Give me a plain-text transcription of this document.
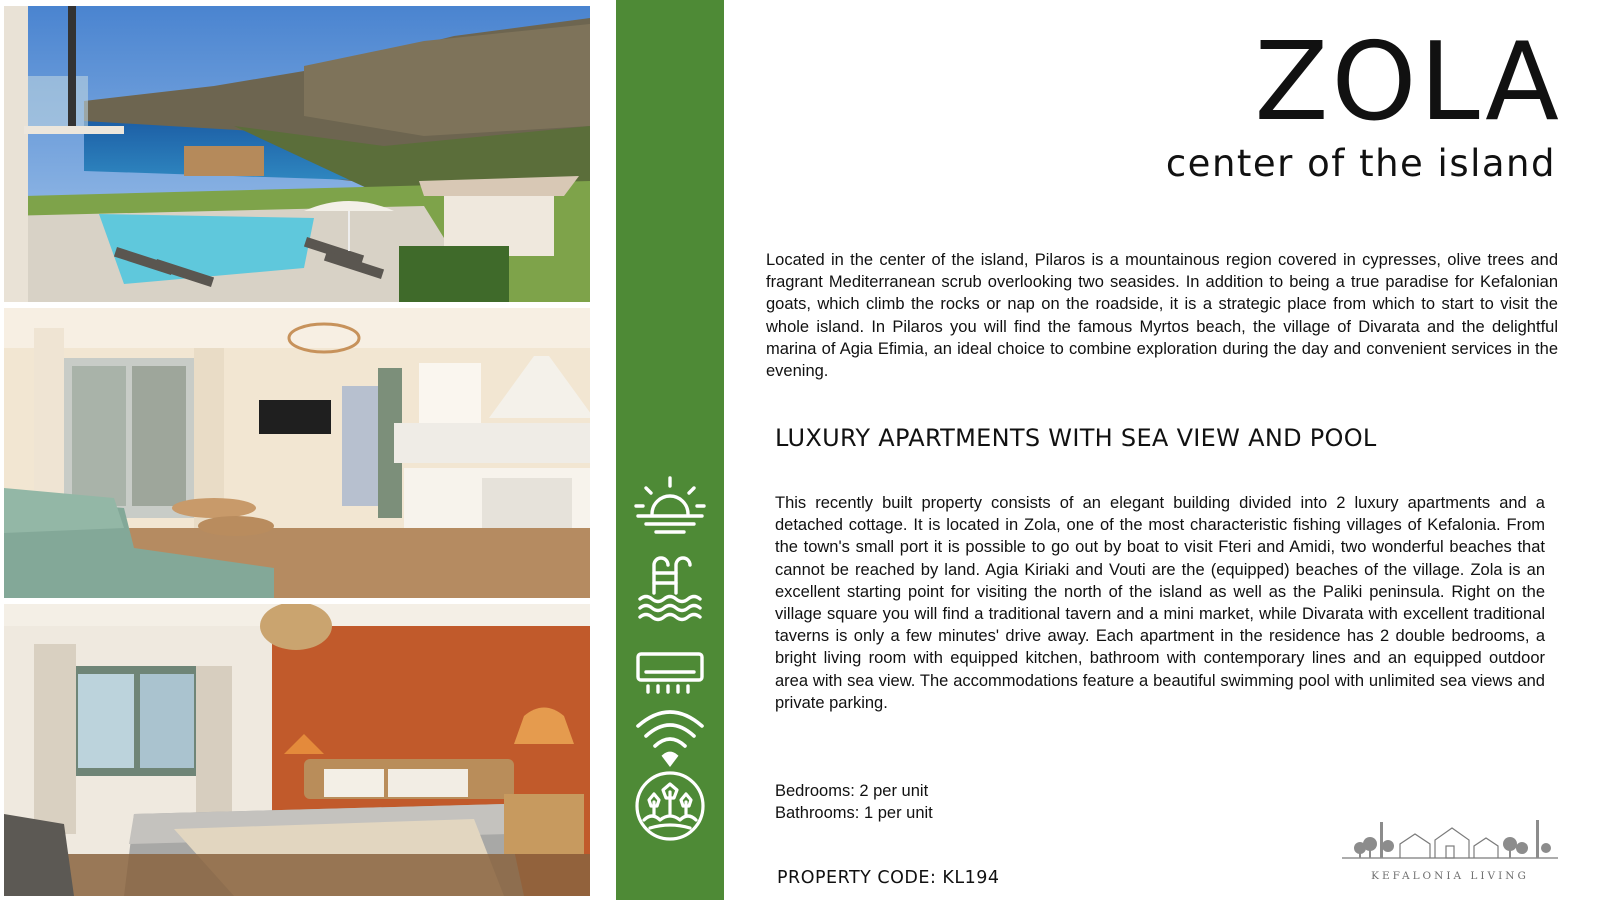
ZOLA
center of the island

Located in the center of the island, Pilaros is a mountainous region covered in cypresses, olive trees and fragrant Mediterranean scrub overlooking two seasides. In addition to being a true paradise for Kefalonian goats, which climb the rocks or nap on the roadside, it is a strategic place from which to start to visit the whole island. In Pilaros you will find the famous Myrtos beach, the village of Divarata and the delightful marina of Agia Efimia, an ideal choice to combine exploration during the day and convenient services in the evening.

LUXURY APARTMENTS WITH SEA VIEW AND POOL

This recently built property consists of an elegant building divided into 2 luxury apartments and a detached cottage. It is located in Zola, one of the most characteristic fishing villages of Kefalonia. From the town's small port it is possible to go out by boat to visit Fteri and Amidi, two wonderful beaches that cannot be reached by land. Agia Kiriaki and Vouti are the (equipped) beaches of the village. Zola is an excellent starting point for visiting the north of the island as well as the Paliki peninsula. Right on the village square you will find a traditional tavern and a mini market, while Divarata with excellent traditional taverns is only a few minutes' drive away. Each apartment in the residence has 2 double bedrooms, a bright living room with equipped kitchen, bathroom with contemporary lines and an equipped outdoor area with sea view. The accommodations feature a beautiful swimming pool with unlimited sea views and private parking.

Bedrooms: 2 per unit
Bathrooms: 1 per unit
PROPERTY CODE: KL194	KEFALONIA LIVING
